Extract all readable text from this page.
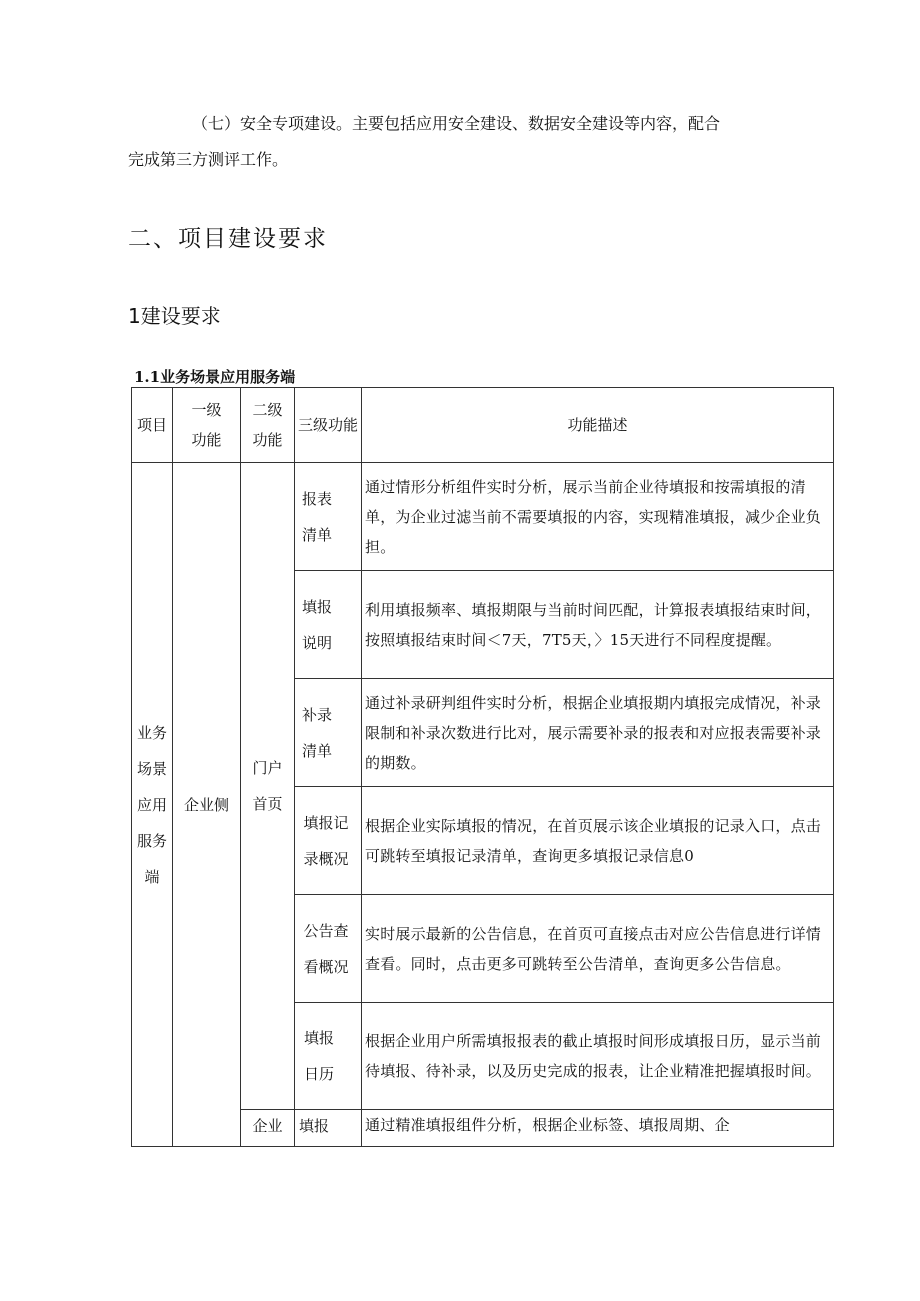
（七）安全专项建设。主要包括应用安全建设、数据安全建设等内容，配合

完成第三方测评工作。

二、项目建设要求
1建设要求
1.1业务场景应用服务端
项目	一级功能	二级功能	三级功能	功能描述

业务场景应用服务端	企业侧	门户首页	报表清单	通过情形分析组件实时分析，展示当前企业待填报和按需填报的清单，为企业过滤当前不需要填报的内容，实现精准填报，减少企业负担。

			填报说明	利用填报频率、填报期限与当前时间匹配，计算报表填报结束时间，按照填报结束时间＜7天，7T5天，〉15天进行不同程度提醒。

			补录清单	通过补录研判组件实时分析，根据企业填报期内填报完成情况，补录限制和补录次数进行比对，展示需要补录的报表和对应报表需要补录的期数。

			填报记录概况	根据企业实际填报的情况，在首页展示该企业填报的记录入口，点击可跳转至填报记录清单，查询更多填报记录信息0

			公告查看概况	实时展示最新的公告信息，在首页可直接点击对应公告信息进行详情查看。同时，点击更多可跳转至公告清单，查询更多公告信息。

			填报日历	根据企业用户所需填报报表的截止填报时间形成填报日历，显示当前待填报、待补录，以及历史完成的报表，让企业精准把握填报时间。
		企业	填报	通过精准填报组件分析，根据企业标签、填报周期、企
